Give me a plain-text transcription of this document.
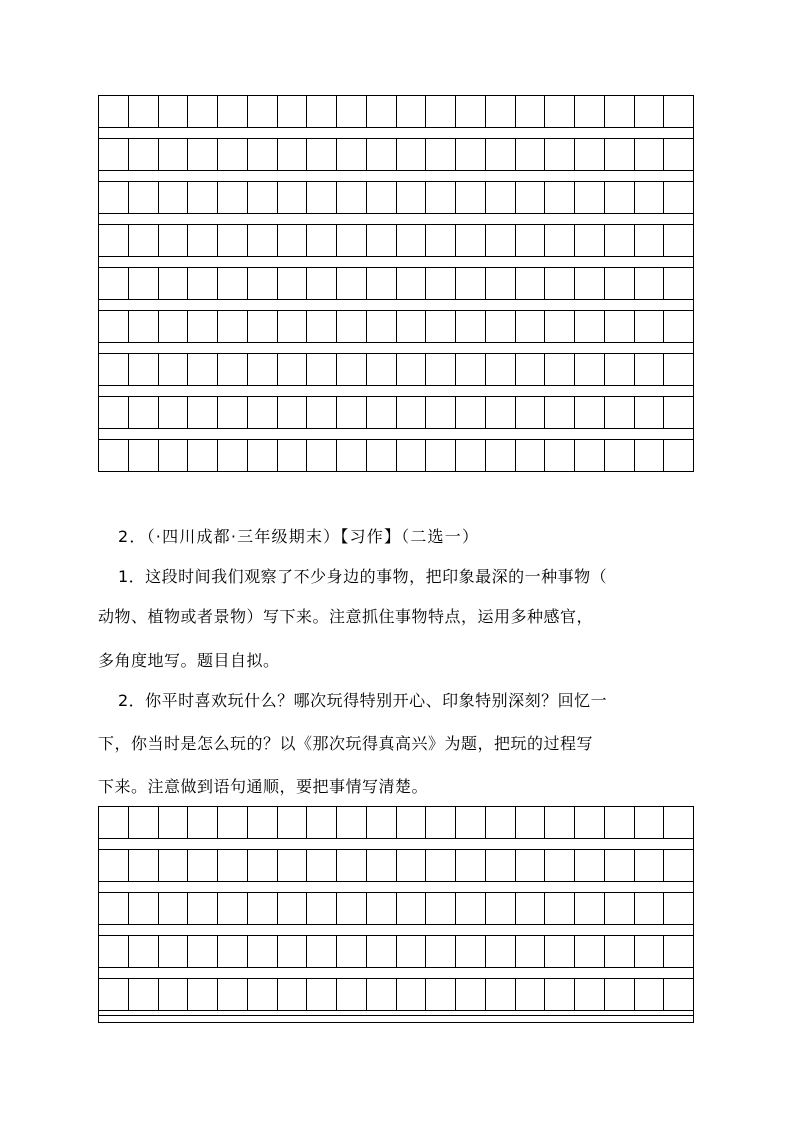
2．（·四川成都·三年级期末）【习作】（二选一）
1．这段时间我们观察了不少身边的事物，把印象最深的一种事物（
动物、植物或者景物）写下来。注意抓住事物特点，运用多种感官，
多角度地写。题目自拟。
2．你平时喜欢玩什么？哪次玩得特别开心、印象特别深刻？回忆一
下，你当时是怎么玩的？以《那次玩得真高兴》为题，把玩的过程写
下来。注意做到语句通顺，要把事情写清楚。
